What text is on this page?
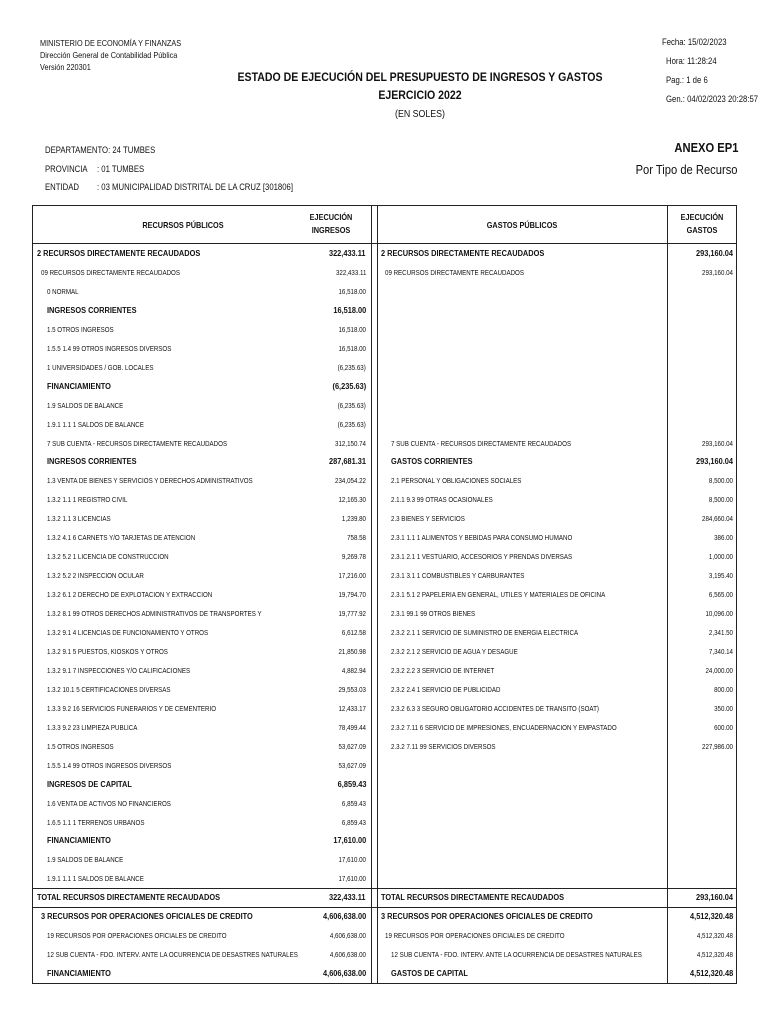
MINISTERIO DE ECONOMÍA Y FINANZAS
Dirección General de Contabilidad Pública
Versión 220301
ESTADO DE EJECUCIÓN DEL PRESUPUESTO DE INGRESOS Y GASTOS
EJERCICIO 2022
(EN SOLES)
Fecha: 15/02/2023
Hora: 11:28:24
Pag.: 1 de 6
Gen.: 04/02/2023 20:28:57
DEPARTAMENTO: 24 TUMBES
PROVINCIA : 01 TUMBES
ENTIDAD : 03 MUNICIPALIDAD DISTRITAL DE LA CRUZ [301806]
ANEXO EP1
Por Tipo de Recurso
RECURSOS PÚBLICOS
EJECUCIÓN
INGRESOS	GASTOS PÚBLICOS
EJECUCIÓN
GASTOS
2 RECURSOS DIRECTAMENTE RECAUDADOS	322,433.11 2 RECURSOS DIRECTAMENTE RECAUDADOS	293,160.04
09 RECURSOS DIRECTAMENTE RECAUDADOS	322,433.11	09 RECURSOS DIRECTAMENTE RECAUDADOS	293,160.04
0 NORMAL	16,518.00
INGRESOS CORRIENTES	16,518.00
1.5 OTROS INGRESOS	16,518.00
1.5.5 1.4 99 OTROS INGRESOS DIVERSOS	16,518.00
1 UNIVERSIDADES / GOB. LOCALES	(6,235.63)
FINANCIAMIENTO	(6,235.63)
1.9 SALDOS DE BALANCE	(6,235.63)
1.9.1 1.1 1 SALDOS DE BALANCE	(6,235.63)
7 SUB CUENTA - RECURSOS DIRECTAMENTE RECAUDADOS	312,150.74	7 SUB CUENTA - RECURSOS DIRECTAMENTE RECAUDADOS	293,160.04
INGRESOS CORRIENTES	287,681.31	GASTOS CORRIENTES	293,160.04
1.3 VENTA DE BIENES Y SERVICIOS Y DERECHOS ADMINISTRATIVOS	234,054.22	2.1 PERSONAL Y OBLIGACIONES SOCIALES	8,500.00
1.3.2 1.1 1 REGISTRO CIVIL	12,165.30	2.1.1 9.3 99 OTRAS OCASIONALES	8,500.00
1.3.2 1.1 3 LICENCIAS	1,239.80	2.3 BIENES Y SERVICIOS	284,660.04
1.3.2 4.1 6 CARNETS Y/O TARJETAS DE ATENCION	758.58	2.3.1 1.1 1 ALIMENTOS Y BEBIDAS PARA CONSUMO HUMANO	386.00
1.3.2 5.2 1 LICENCIA DE CONSTRUCCION	9,269.78	2.3.1 2.1 1 VESTUARIO, ACCESORIOS Y PRENDAS DIVERSAS	1,000.00
1.3.2 5.2 2 INSPECCION OCULAR	17,216.00	2.3.1 3.1 1 COMBUSTIBLES Y CARBURANTES	3,195.40
1.3.2 6.1 2 DERECHO DE EXPLOTACION Y EXTRACCION	19,794.70	2.3.1 5.1 2 PAPELERIA EN GENERAL, UTILES Y MATERIALES DE OFICINA	6,565.00
1.3.2 8.1 99 OTROS DERECHOS ADMINISTRATIVOS DE TRANSPORTES Y	19,777.92	2.3.1 99.1 99 OTROS BIENES	10,096.00
1.3.2 9.1 4 LICENCIAS DE FUNCIONAMIENTO Y OTROS	6,612.58	2.3.2 2.1 1 SERVICIO DE SUMINISTRO DE ENERGIA ELECTRICA	2,341.50
1.3.2 9.1 5 PUESTOS, KIOSKOS Y OTROS	21,850.98	2.3.2 2.1 2 SERVICIO DE AGUA Y DESAGUE	7,340.14
1.3.2 9.1 7 INSPECCIONES Y/O CALIFICACIONES	4,882.94	2.3.2 2.2 3 SERVICIO DE INTERNET	24,000.00
1.3.2 10.1 5 CERTIFICACIONES DIVERSAS	29,553.03	2.3.2 2.4 1 SERVICIO DE PUBLICIDAD	800.00
1.3.3 9.2 16 SERVICIOS FUNERARIOS Y DE CEMENTERIO	12,433.17	2.3.2 6.3 3 SEGURO OBLIGATORIO ACCIDENTES DE TRANSITO (SOAT)	350.00
1.3.3 9.2 23 LIMPIEZA PUBLICA	78,499.44	2.3.2 7.11 6 SERVICIO DE IMPRESIONES, ENCUADERNACION Y EMPASTADO	600.00
1.5 OTROS INGRESOS	53,627.09	2.3.2 7.11 99 SERVICIOS DIVERSOS	227,986.00
1.5.5 1.4 99 OTROS INGRESOS DIVERSOS	53,627.09
INGRESOS DE CAPITAL	6,859.43
1.6 VENTA DE ACTIVOS NO FINANCIEROS	6,859.43
1.6.5 1.1 1 TERRENOS URBANOS	6,859.43
FINANCIAMIENTO	17,610.00
1.9 SALDOS DE BALANCE	17,610.00
1.9.1 1.1 1 SALDOS DE BALANCE	17,610.00
TOTAL RECURSOS DIRECTAMENTE RECAUDADOS	322,433.11 TOTAL RECURSOS DIRECTAMENTE RECAUDADOS	293,160.04
3 RECURSOS POR OPERACIONES OFICIALES DE CREDITO	4,606,638.00 3 RECURSOS POR OPERACIONES OFICIALES DE CREDITO	4,512,320.48
19 RECURSOS POR OPERACIONES OFICIALES DE CREDITO	4,606,638.00	19 RECURSOS POR OPERACIONES OFICIALES DE CREDITO	4,512,320.48
12 SUB CUENTA - FDO. INTERV. ANTE LA OCURRENCIA DE DESASTRES NATURALES	4,606,638.00	12 SUB CUENTA - FDO. INTERV. ANTE LA OCURRENCIA DE DESASTRES NATURALES	4,512,320.48
FINANCIAMIENTO	4,606,638.00	GASTOS DE CAPITAL	4,512,320.48
